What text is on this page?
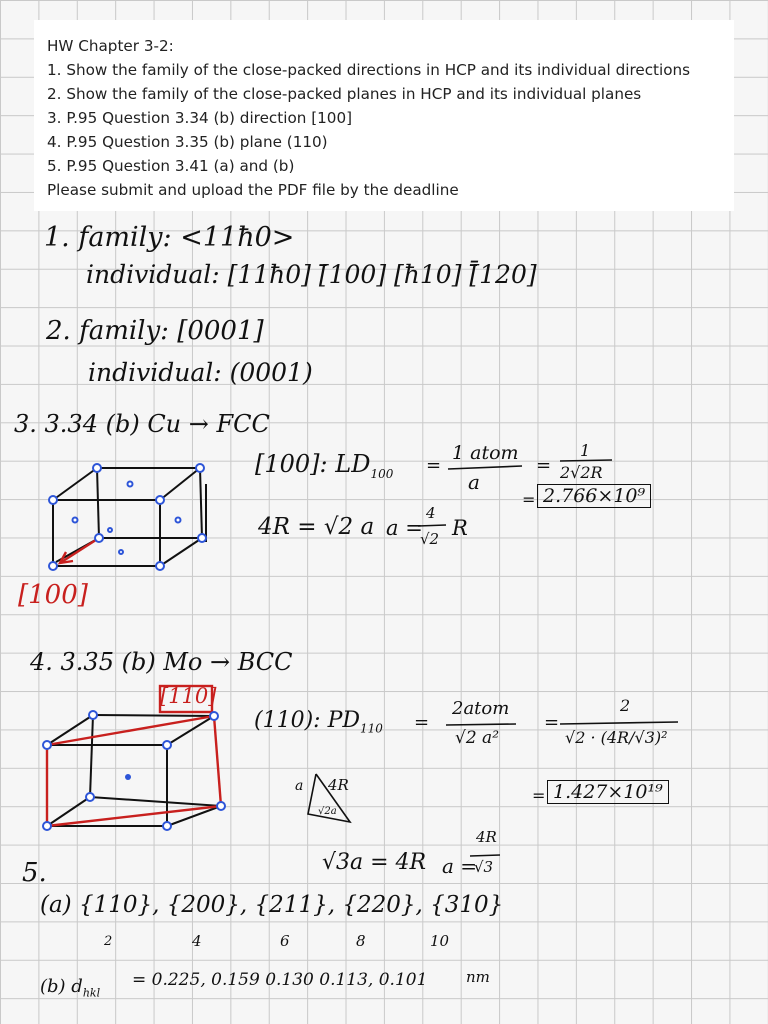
HW Chapter 3-2:
1. Show the family of the close-packed directions in HCP and its individual directions
2. Show the family of the close-packed planes in HCP and its individual planes
3. P.95 Question 3.34 (b) direction [100]
4. P.95 Question 3.35 (b) plane (110)
5. P.95 Question 3.41 (a) and (b)
Please submit and upload the PDF file by the deadline
1. family: <11ħ0>
individual: [11ħ0] [̄100] [ħ10] [̄̄120]
2. family: [0001]
individual: (0001)
3. 3.34 (b) Cu → FCC
[100]: $LD_{100}$ =
1 atom
a
=
1
2√2R
= 2.766×10⁹
4R = √2 a a =
4
√2 R
[100]
4. 3.35 (b) Mo → BCC
[110]
(110): $PD_{110}$ =
2atom
√2 a²
=
2
√2 · (4R/√3)²
= 1.427×10¹⁹
a 4R
√2a
√3a = 4R a =
4R
√3
5.
(a) {110}, {200}, {211}, {220}, {310}
2	4	6	8	10
(b) $d_{hkl}$
= 0.225, 0.159 0.130 0.113, 0.101	nm
